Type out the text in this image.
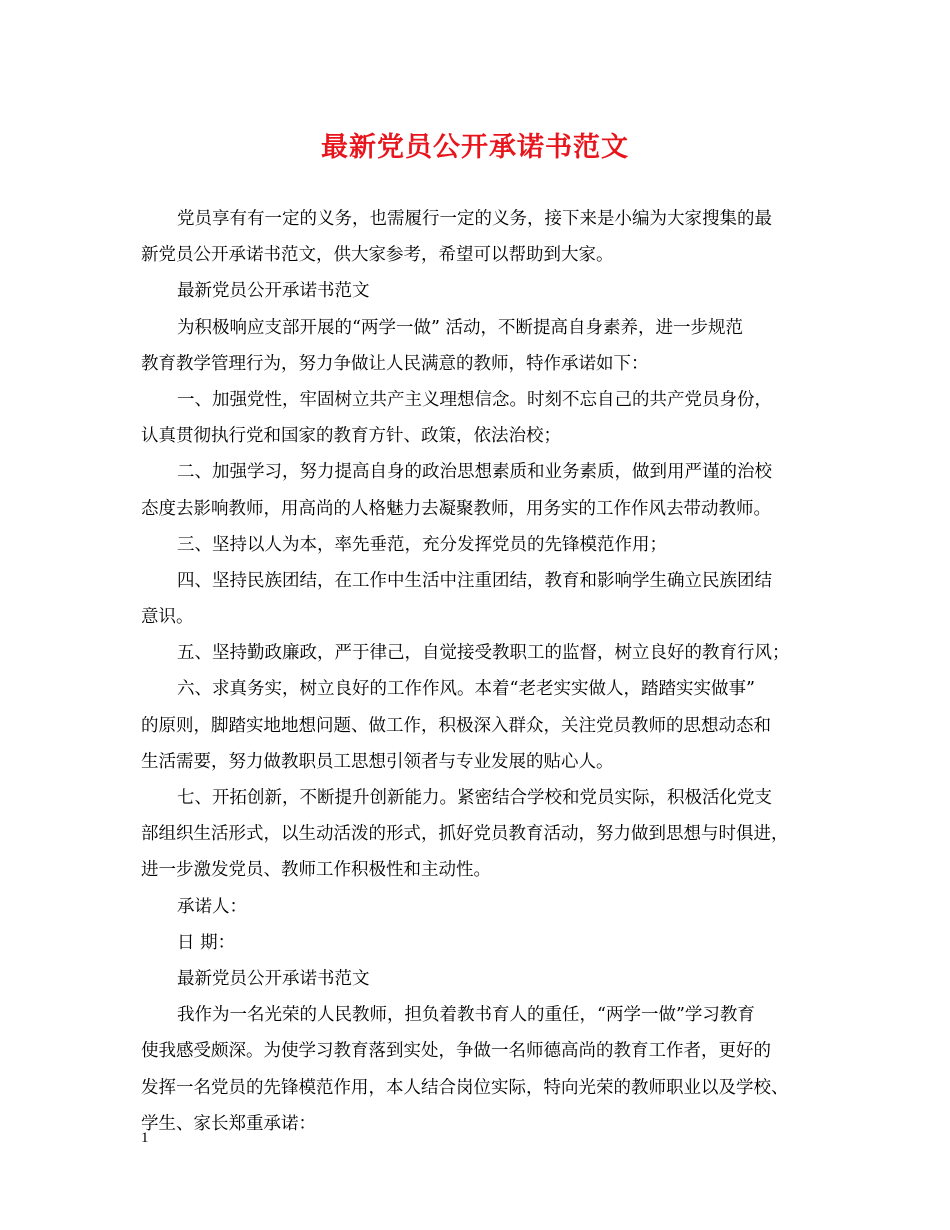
最新党员公开承诺书范文
党员享有有一定的义务，也需履行一定的义务，接下来是小编为大家搜集的最
新党员公开承诺书范文，供大家参考，希望可以帮助到大家。
最新党员公开承诺书范文
为积极响应支部开展的“两学一做” 活动，不断提高自身素养，进一步规范
教育教学管理行为，努力争做让人民满意的教师，特作承诺如下：
一、加强党性，牢固树立共产主义理想信念。时刻不忘自己的共产党员身份，
认真贯彻执行党和国家的教育方针、政策，依法治校；
二、加强学习，努力提高自身的政治思想素质和业务素质，做到用严谨的治校
态度去影响教师，用高尚的人格魅力去凝聚教师，用务实的工作作风去带动教师。
三、坚持以人为本，率先垂范，充分发挥党员的先锋模范作用；
四、坚持民族团结，在工作中生活中注重团结，教育和影响学生确立民族团结
意识。
五、坚持勤政廉政，严于律己，自觉接受教职工的监督，树立良好的教育行风；
六、求真务实，树立良好的工作作风。本着“老老实实做人，踏踏实实做事”
的原则，脚踏实地地想问题、做工作，积极深入群众，关注党员教师的思想动态和
生活需要，努力做教职员工思想引领者与专业发展的贴心人。
七、开拓创新，不断提升创新能力。紧密结合学校和党员实际，积极活化党支
部组织生活形式，以生动活泼的形式，抓好党员教育活动，努力做到思想与时俱进，
进一步激发党员、教师工作积极性和主动性。
承诺人：
日 期：
最新党员公开承诺书范文
我作为一名光荣的人民教师，担负着教书育人的重任，“两学一做”学习教育
使我感受颇深。为使学习教育落到实处，争做一名师德高尚的教育工作者，更好的
发挥一名党员的先锋模范作用，本人结合岗位实际，特向光荣的教师职业以及学校、
学生、家长郑重承诺：
1
